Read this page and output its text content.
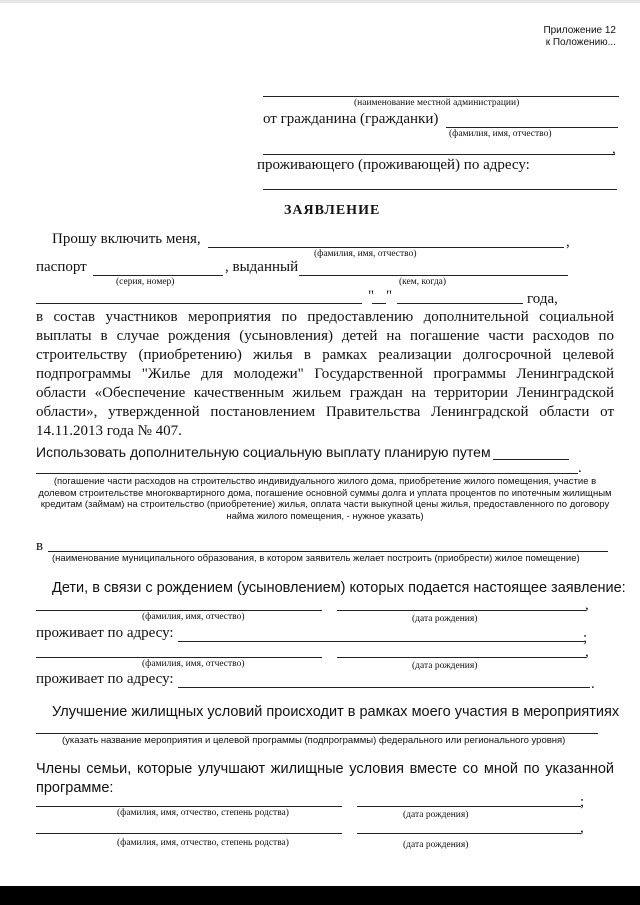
Приложение 12
к Положению...
(наименование местной администрации)
от гражданина (гражданки)
(фамилия, имя, отчество)
,
проживающего (проживающей) по адресу:
ЗАЯВЛЕНИЕ
Прошу включить меня,	,
(фамилия, имя, отчество)
паспорт	, выданный
(серия, номер)	(кем, когда)
" "	года,
в состав участников мероприятия по предоставлению дополнительной социальной выплаты в случае рождения (усыновления) детей на погашение части расходов по строительству (приобретению) жилья в рамках реализации долгосрочной целевой подпрограммы "Жилье для молодежи" Государственной программы Ленинградской области «Обеспечение качественным жильем граждан на территории Ленинградской области», утвержденной постановлением Правительства Ленинградской области от 14.11.2013 года № 407.
Использовать дополнительную социальную выплату планирую путем
.
(погашение части расходов на строительство индивидуального жилого дома, приобретение жилого помещения, участие в долевом строительстве многоквартирного дома, погашение основной суммы долга и уплата процентов по ипотечным жилищным кредитам (займам) на строительство (приобретение) жилья, оплата части выкупной цены жилья, предоставленного по договору найма жилого помещения, - нужное указать)
в
(наименование муниципального образования, в котором заявитель желает построить (приобрести) жилое помещение)
Дети, в связи с рождением (усыновлением) которых подается настоящее заявление:
,
(фамилия, имя, отчество)	(дата рождения)
проживает по адресу:	;
,
(фамилия, имя, отчество)	(дата рождения)
проживает по адресу:	.
Улучшение жилищных условий происходит в рамках моего участия в мероприятиях
(указать название мероприятия и целевой программы (подпрограммы) федерального или регионального уровня)
Члены семьи, которые улучшают жилищные условия вместе со мной по указанной программе:
;
(фамилия, имя, отчество, степень родства)	(дата рождения)
,
(фамилия, имя, отчество, степень родства)	(дата рождения)
